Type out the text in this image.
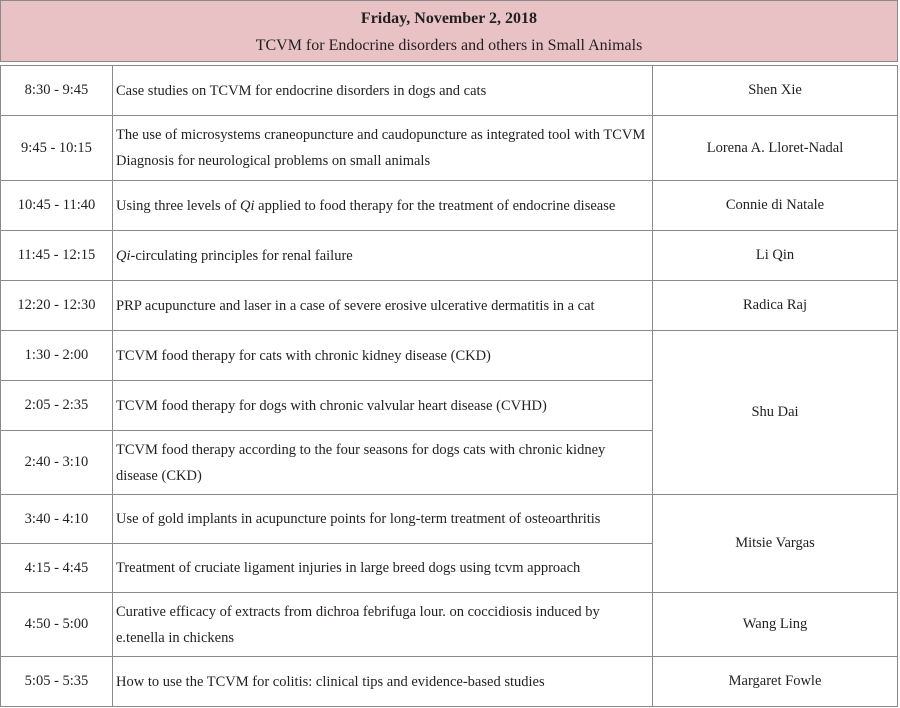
Friday, November 2, 2018
TCVM for Endocrine disorders and others in Small Animals
8:30 - 9:45	Case studies on TCVM for endocrine disorders in dogs and cats	Shen Xie
9:45 - 10:15	The use of microsystems craneopuncture and caudopuncture as integrated tool with TCVM Diagnosis for neurological problems on small animals	Lorena A. Lloret-Nadal
10:45 - 11:40	Using three levels of Qi applied to food therapy for the treatment of endocrine disease	Connie di Natale
11:45 - 12:15	Qi-circulating principles for renal failure	Li Qin
12:20 - 12:30	PRP acupuncture and laser in a case of severe erosive ulcerative dermatitis in a cat	Radica Raj
1:30 - 2:00	TCVM food therapy for cats with chronic kidney disease (CKD)	Shu Dai
2:05 - 2:35	TCVM food therapy for dogs with chronic valvular heart disease (CVHD)	
2:40 - 3:10	TCVM food therapy according to the four seasons for dogs cats with chronic kidney disease (CKD)	
3:40 - 4:10	Use of gold implants in acupuncture points for long-term treatment of osteoarthritis	Mitsie Vargas
4:15 - 4:45	Treatment of cruciate ligament injuries in large breed dogs using tcvm approach	
4:50 - 5:00	Curative efficacy of extracts from dichroa febrifuga lour. on coccidiosis induced by e.tenella in chickens	Wang Ling
5:05 - 5:35	How to use the TCVM for colitis: clinical tips and evidence-based studies	Margaret Fowle
